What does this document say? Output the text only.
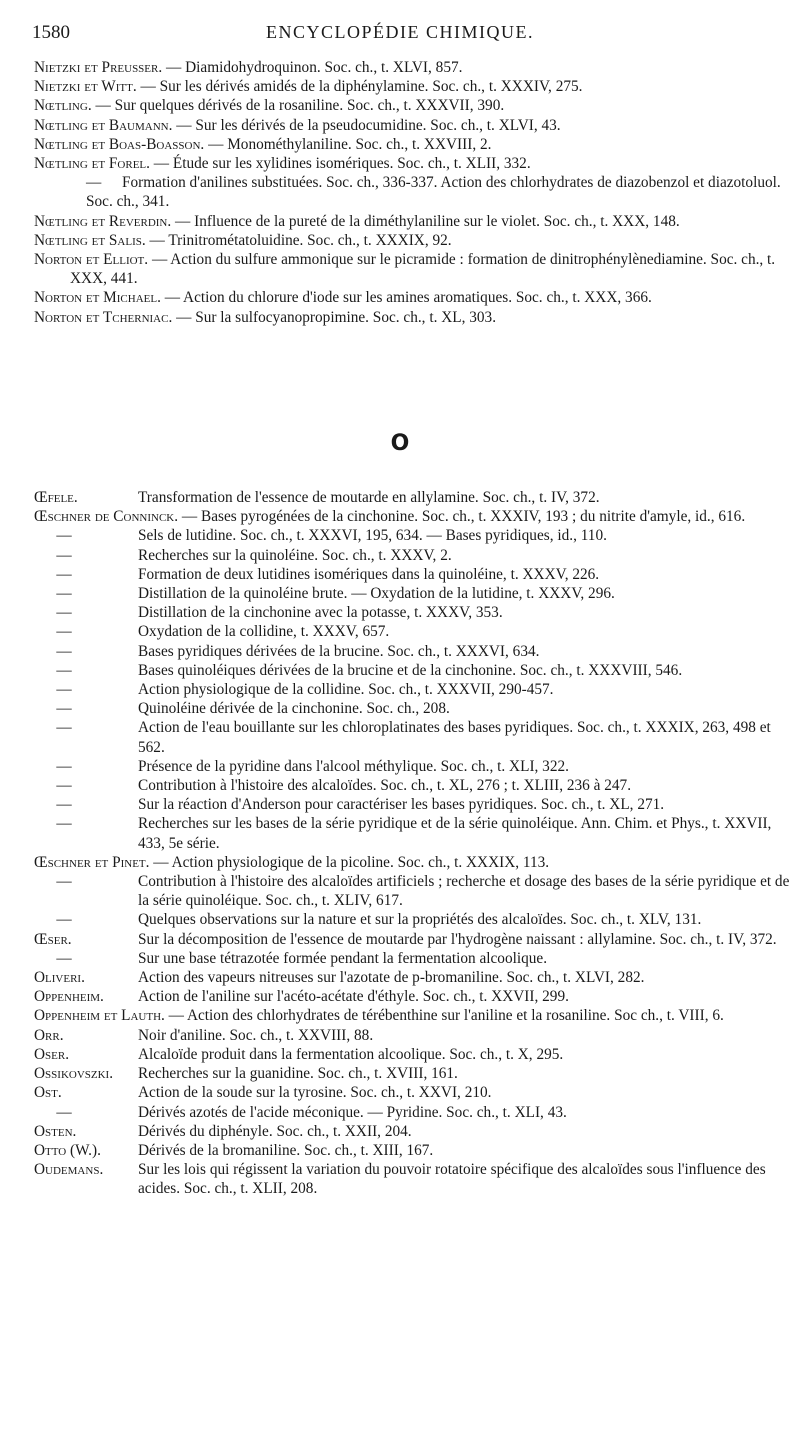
1580	ENCYCLOPÉDIE CHIMIQUE.

Nietzki et Preusser. — Diamidohydroquinon. Soc. ch., t. XLVI, 857.

Nietzki et Witt. — Sur les dérivés amidés de la diphénylamine. Soc. ch., t. XXXIV, 275.

Nœtling. — Sur quelques dérivés de la rosaniline. Soc. ch., t. XXXVII, 390.

Nœtling et Baumann. — Sur les dérivés de la pseudocumidine. Soc. ch., t. XLVI, 43.

Nœtling et Boas-Boasson. — Monométhylaniline. Soc. ch., t. XXVIII, 2.

Nœtling et Forel. — Étude sur les xylidines isomériques. Soc. ch., t. XLII, 332.

— Formation d'anilines substituées. Soc. ch., 336-337. Action des chlorhydrates de diazobenzol et diazotoluol. Soc. ch., 341.

Nœtling et Reverdin. — Influence de la pureté de la diméthylaniline sur le violet. Soc. ch., t. XXX, 148.

Nœtling et Salis. — Trinitrométatoluidine. Soc. ch., t. XXXIX, 92.

Norton et Elliot. — Action du sulfure ammonique sur le picramide : formation de dinitrophénylènediamine. Soc. ch., t. XXX, 441.

Norton et Michael. — Action du chlorure d'iode sur les amines aromatiques. Soc. ch., t. XXX, 366.

Norton et Tcherniac. — Sur la sulfocyanopropimine. Soc. ch., t. XL, 303.

O

Œfele.	Transformation de l'essence de moutarde en allylamine. Soc. ch., t. IV, 372.

Œschner de Conninck. — Bases pyrogénées de la cinchonine. Soc. ch., t. XXXIV, 193 ; du nitrite d'amyle, id., 616.

—	Sels de lutidine. Soc. ch., t. XXXVI, 195, 634. — Bases pyridiques, id., 110.

—	Recherches sur la quinoléine. Soc. ch., t. XXXV, 2.

—	Formation de deux lutidines isomériques dans la quinoléine, t. XXXV, 226.

—	Distillation de la quinoléine brute. — Oxydation de la lutidine, t. XXXV, 296.

—	Distillation de la cinchonine avec la potasse, t. XXXV, 353.

—	Oxydation de la collidine, t. XXXV, 657.

—	Bases pyridiques dérivées de la brucine. Soc. ch., t. XXXVI, 634.

—	Bases quinoléiques dérivées de la brucine et de la cinchonine. Soc. ch., t. XXXVIII, 546.

—	Action physiologique de la collidine. Soc. ch., t. XXXVII, 290-457.

—	Quinoléine dérivée de la cinchonine. Soc. ch., 208.

—	Action de l'eau bouillante sur les chloroplatinates des bases pyridiques. Soc. ch., t. XXXIX, 263, 498 et 562.

—	Présence de la pyridine dans l'alcool méthylique. Soc. ch., t. XLI, 322.

—	Contribution à l'histoire des alcaloïdes. Soc. ch., t. XL, 276 ; t. XLIII, 236 à 247.

—	Sur la réaction d'Anderson pour caractériser les bases pyridiques. Soc. ch., t. XL, 271.

—	Recherches sur les bases de la série pyridique et de la série quinoléique. Ann. Chim. et Phys., t. XXVII, 433, 5e série.

Œschner et Pinet. — Action physiologique de la picoline. Soc. ch., t. XXXIX, 113.

—	Contribution à l'histoire des alcaloïdes artificiels ; recherche et dosage des bases de la série pyridique et de la série quinoléique. Soc. ch., t. XLIV, 617.

—	Quelques observations sur la nature et sur la propriétés des alcaloïdes. Soc. ch., t. XLV, 131.

Œser.	Sur la décomposition de l'essence de moutarde par l'hydrogène naissant : allylamine. Soc. ch., t. IV, 372.

—	Sur une base tétrazotée formée pendant la fermentation alcoolique.

Oliveri.	Action des vapeurs nitreuses sur l'azotate de p-bromaniline. Soc. ch., t. XLVI, 282.

Oppenheim.	Action de l'aniline sur l'acéto-acétate d'éthyle. Soc. ch., t. XXVII, 299.

Oppenheim et Lauth. — Action des chlorhydrates de térébenthine sur l'aniline et la rosaniline. Soc ch., t. VIII, 6.

Orr.	Noir d'aniline. Soc. ch., t. XXVIII, 88.

Oser.	Alcaloïde produit dans la fermentation alcoolique. Soc. ch., t. X, 295.

Ossikovszki.	Recherches sur la guanidine. Soc. ch., t. XVIII, 161.

Ost.	Action de la soude sur la tyrosine. Soc. ch., t. XXVI, 210.

—	Dérivés azotés de l'acide méconique. — Pyridine. Soc. ch., t. XLI, 43.

Osten.	Dérivés du diphényle. Soc. ch., t. XXII, 204.

Otto (W.).	Dérivés de la bromaniline. Soc. ch., t. XIII, 167.

Oudemans.	Sur les lois qui régissent la variation du pouvoir rotatoire spécifique des alcaloïdes sous l'influence des acides. Soc. ch., t. XLII, 208.
